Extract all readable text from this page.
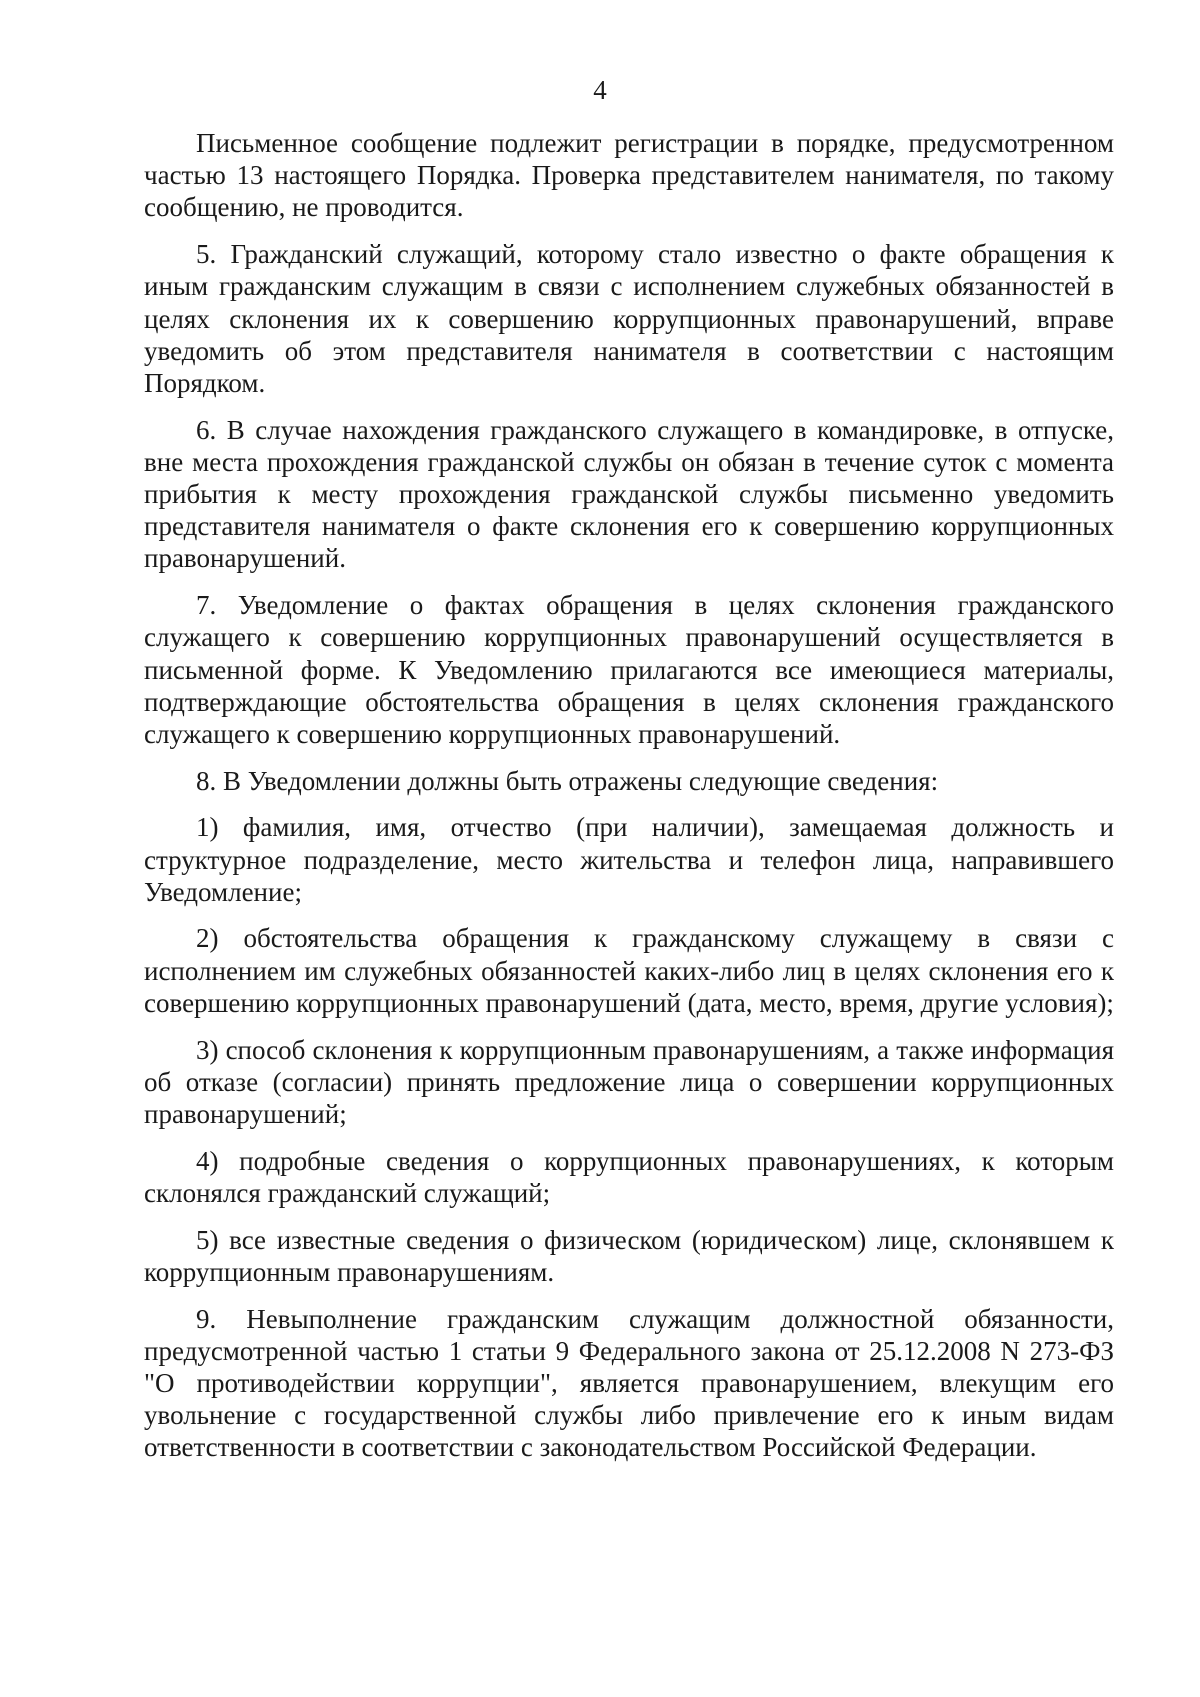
4

Письменное сообщение подлежит регистрации в порядке, предусмотренном частью 13 настоящего Порядка. Проверка представителем нанимателя, по такому сообщению, не проводится.

5. Гражданский служащий, которому стало известно о факте обращения к иным гражданским служащим в связи с исполнением служебных обязанностей в целях склонения их к совершению коррупционных правонарушений, вправе уведомить об этом представителя нанимателя в соответствии с настоящим Порядком.

6. В случае нахождения гражданского служащего в командировке, в отпуске, вне места прохождения гражданской службы он обязан в течение суток с момента прибытия к месту прохождения гражданской службы письменно уведомить представителя нанимателя о факте склонения его к совершению коррупционных правонарушений.

7. Уведомление о фактах обращения в целях склонения гражданского служащего к совершению коррупционных правонарушений осуществляется в письменной форме. К Уведомлению прилагаются все имеющиеся материалы, подтверждающие обстоятельства обращения в целях склонения гражданского служащего к совершению коррупционных правонарушений.

8. В Уведомлении должны быть отражены следующие сведения:

1) фамилия, имя, отчество (при наличии), замещаемая должность и структурное подразделение, место жительства и телефон лица, направившего Уведомление;

2) обстоятельства обращения к гражданскому служащему в связи с исполнением им служебных обязанностей каких-либо лиц в целях склонения его к совершению коррупционных правонарушений (дата, место, время, другие условия);

3) способ склонения к коррупционным правонарушениям, а также информация об отказе (согласии) принять предложение лица о совершении коррупционных правонарушений;

4) подробные сведения о коррупционных правонарушениях, к которым склонялся гражданский служащий;

5) все известные сведения о физическом (юридическом) лице, склонявшем к коррупционным правонарушениям.

9. Невыполнение гражданским служащим должностной обязанности, предусмотренной частью 1 статьи 9 Федерального закона от 25.12.2008 N 273-ФЗ "О противодействии коррупции", является правонарушением, влекущим его увольнение с государственной службы либо привлечение его к иным видам ответственности в соответствии с законодательством Российской Федерации.
